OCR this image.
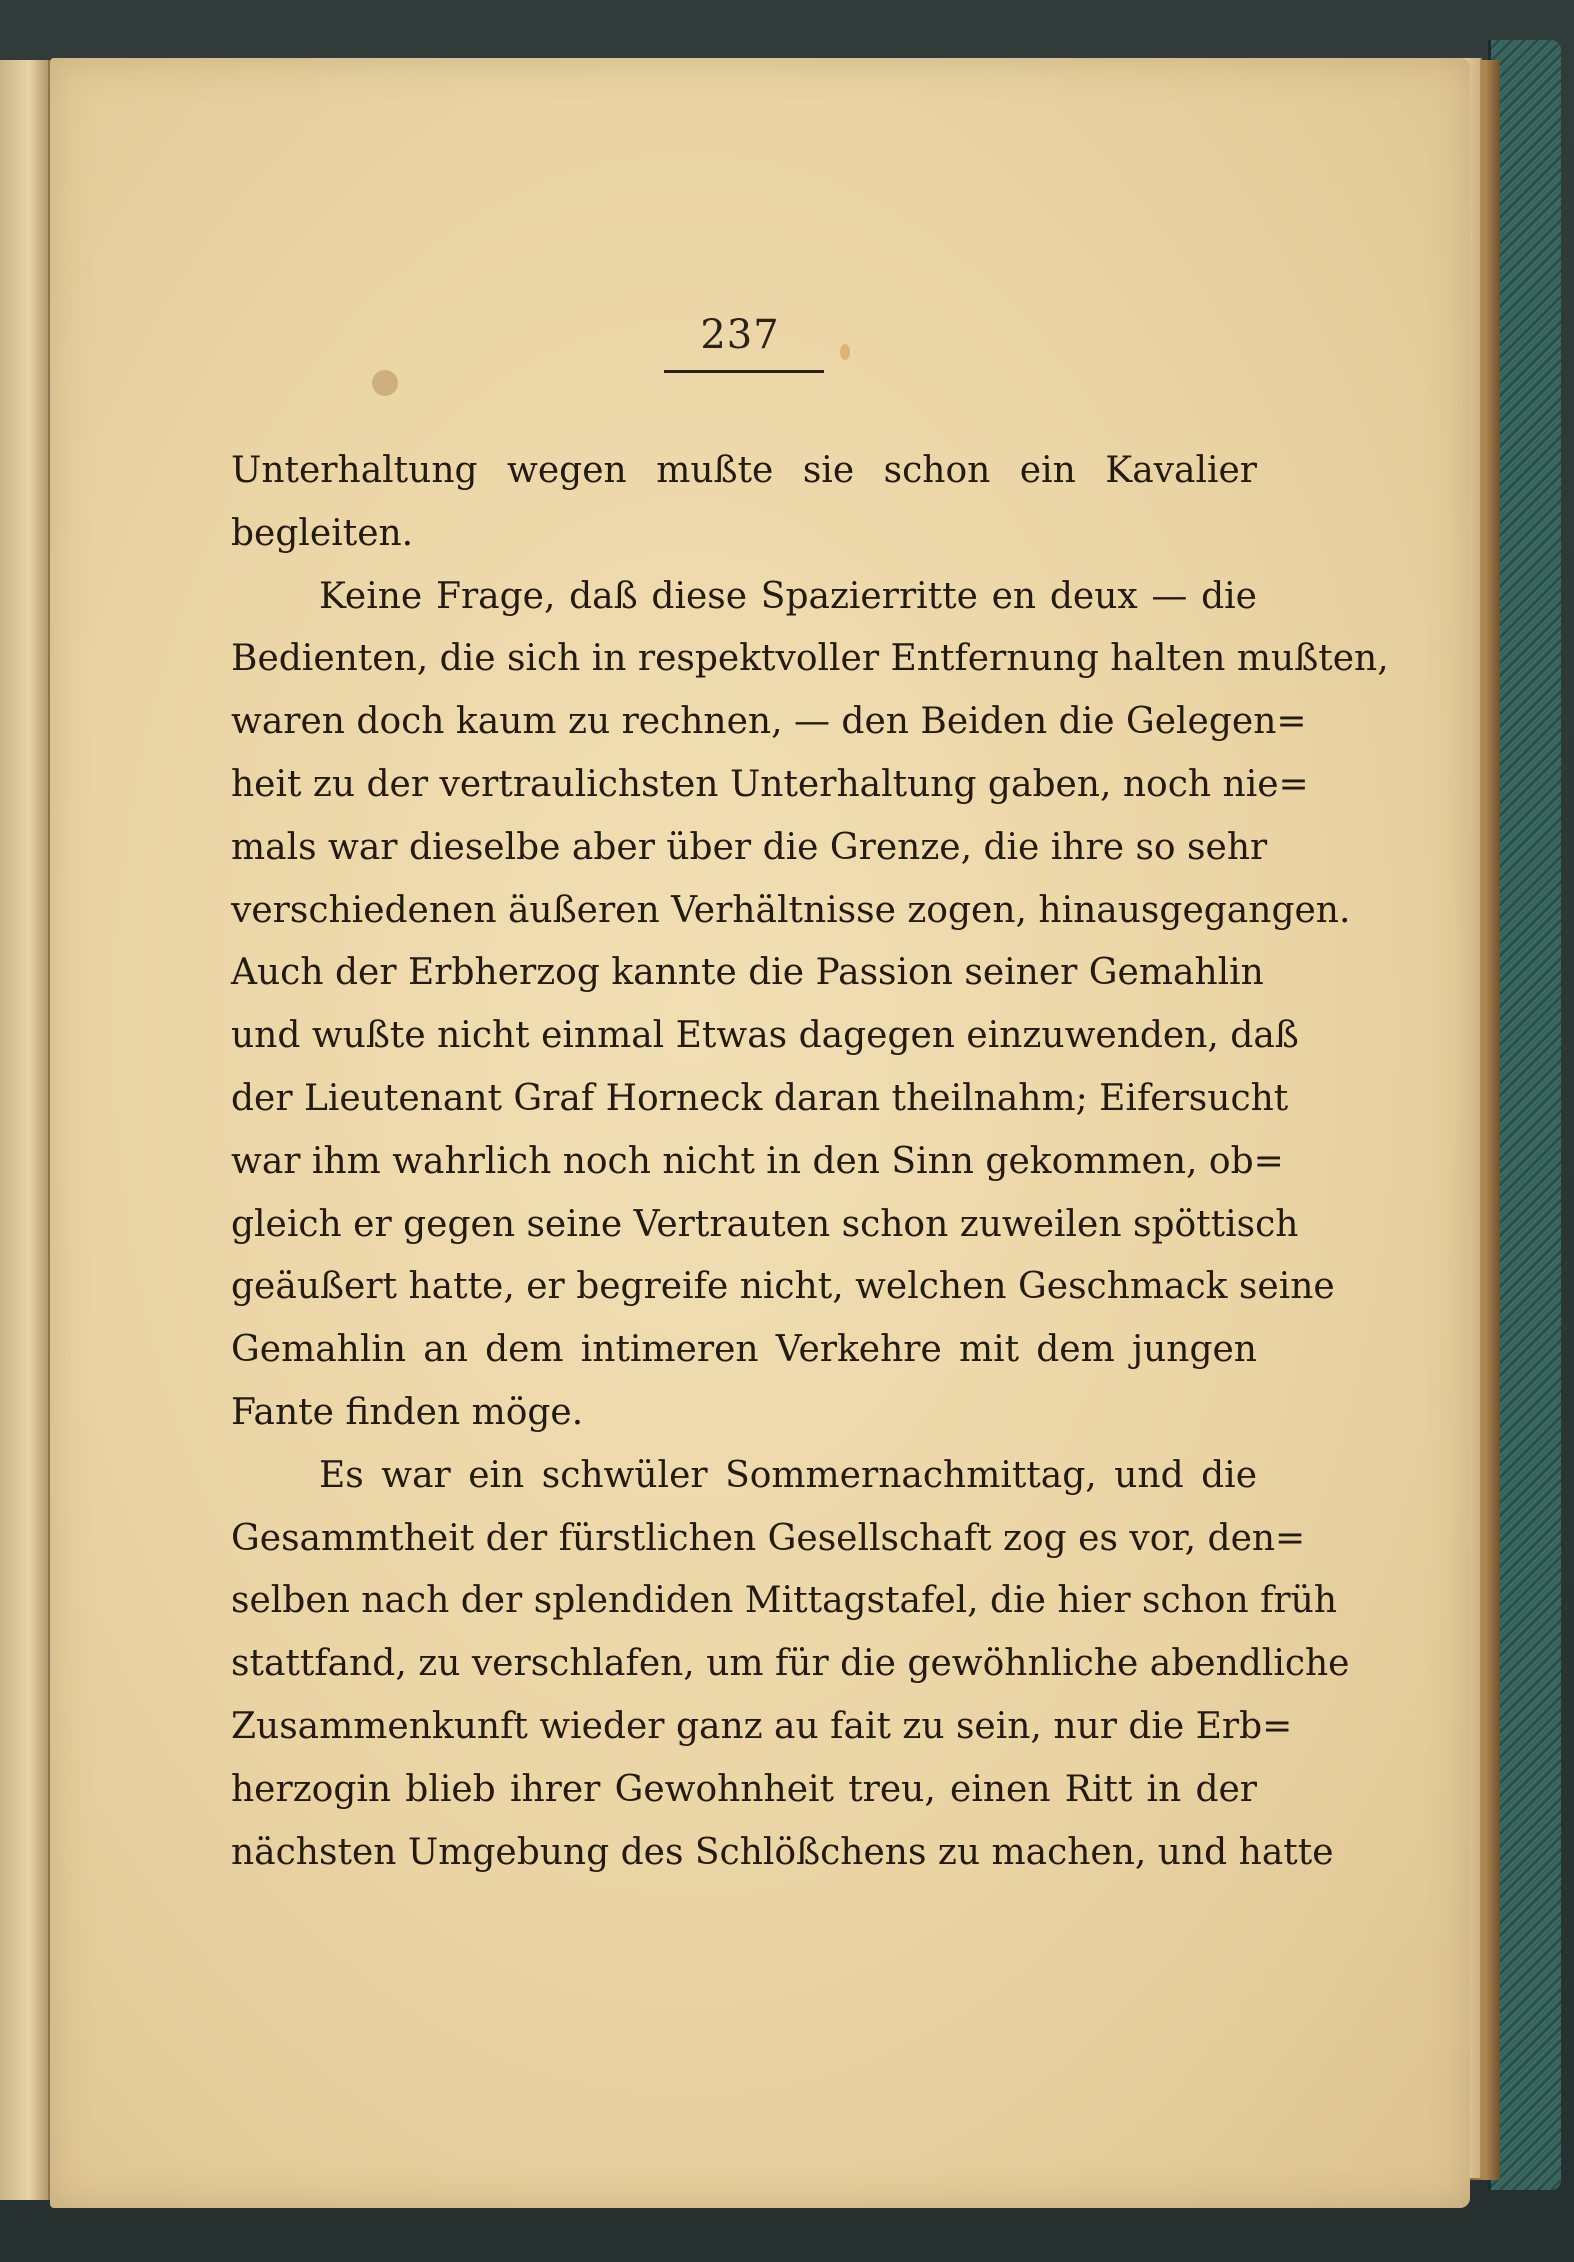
237
Unterhaltung wegen mußte sie schon ein Kavalier
begleiten.
Keine Frage, daß diese Spazierritte en deux — die
Bedienten, die sich in respektvoller Entfernung halten mußten,
waren doch kaum zu rechnen, — den Beiden die Gelegen=
heit zu der vertraulichsten Unterhaltung gaben, noch nie=
mals war dieselbe aber über die Grenze, die ihre so sehr
verschiedenen äußeren Verhältnisse zogen, hinausgegangen.
Auch der Erbherzog kannte die Passion seiner Gemahlin
und wußte nicht einmal Etwas dagegen einzuwenden, daß
der Lieutenant Graf Horneck daran theilnahm; Eifersucht
war ihm wahrlich noch nicht in den Sinn gekommen, ob=
gleich er gegen seine Vertrauten schon zuweilen spöttisch
geäußert hatte, er begreife nicht, welchen Geschmack seine
Gemahlin an dem intimeren Verkehre mit dem jungen
Fante finden möge.
Es war ein schwüler Sommernachmittag, und die
Gesammtheit der fürstlichen Gesellschaft zog es vor, den=
selben nach der splendiden Mittagstafel, die hier schon früh
stattfand, zu verschlafen, um für die gewöhnliche abendliche
Zusammenkunft wieder ganz au fait zu sein, nur die Erb=
herzogin blieb ihrer Gewohnheit treu, einen Ritt in der
nächsten Umgebung des Schlößchens zu machen, und hatte
